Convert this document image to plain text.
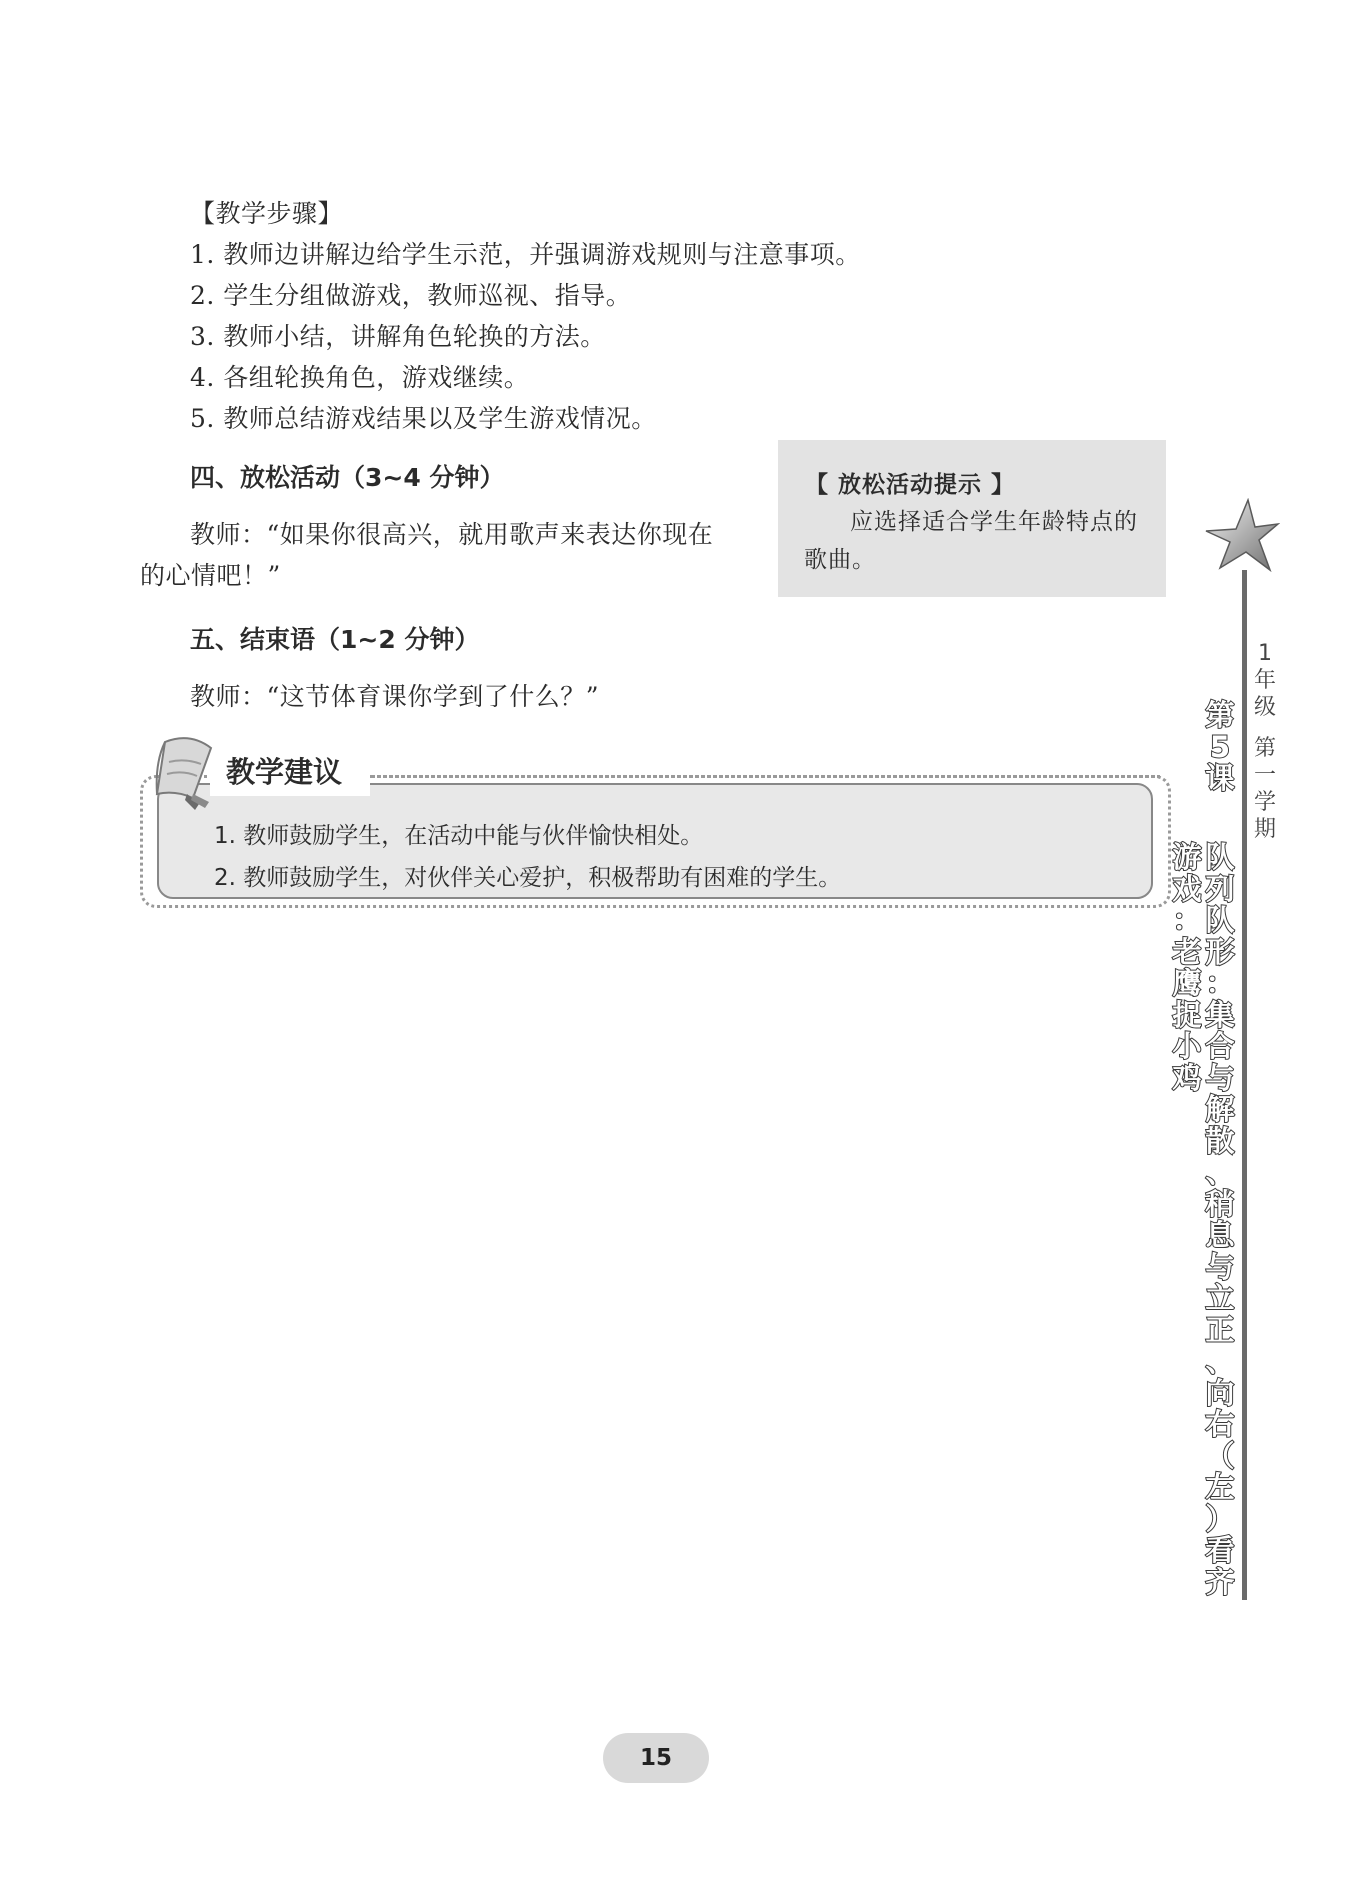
【教学步骤】
1. 教师边讲解边给学生示范，并强调游戏规则与注意事项。
2. 学生分组做游戏，教师巡视、指导。
3. 教师小结，讲解角色轮换的方法。
4. 各组轮换角色，游戏继续。
5. 教师总结游戏结果以及学生游戏情况。
四、放松活动（3~4 分钟）
教师：“如果你很高兴，就用歌声来表达你现在
的心情吧！”
【 放松活动提示 】
应选择适合学生年龄特点的歌曲。
五、结束语（1~2 分钟）
教师：“这节体育课你学到了什么？”
教学建议
1. 教师鼓励学生，在活动中能与伙伴愉快相处。
2. 教师鼓励学生，对伙伴关心爱护，积极帮助有困难的学生。
1
年
级
第
一
学
期
第
5
课
队
列
队
形
：
集
合
与
解
散
、
稍
息
与
立
正
、
向
右
（
左
）
看
齐
游
戏
：
老
鹰
捉
小
鸡
15
